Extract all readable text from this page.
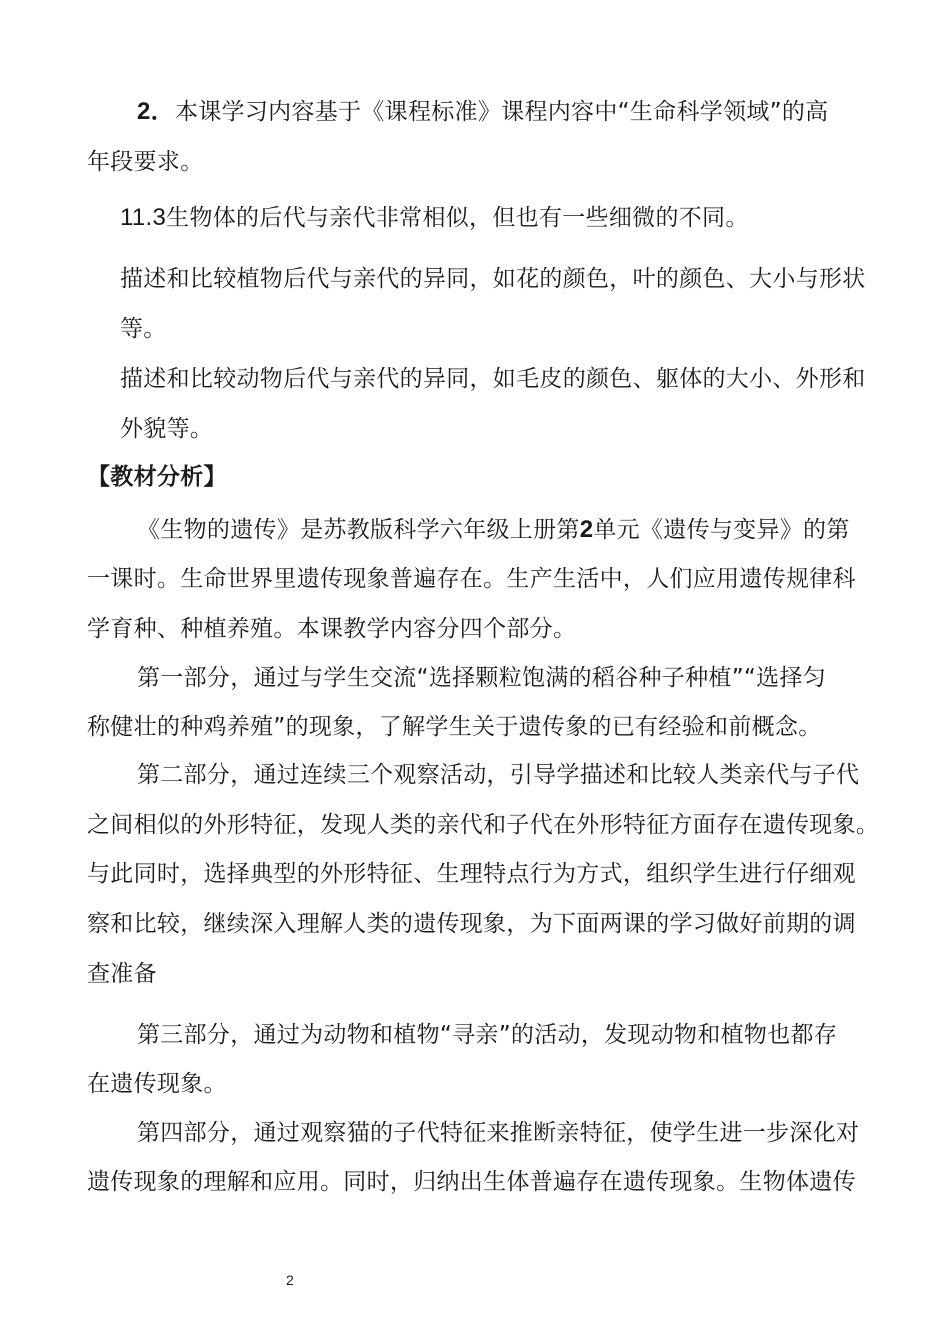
2．本课学习内容基于《课程标准》课程内容中“生命科学领域”的高
年段要求。
11.3生物体的后代与亲代非常相似，但也有一些细微的不同。
描述和比较植物后代与亲代的异同，如花的颜色，叶的颜色、大小与形状
等。
描述和比较动物后代与亲代的异同，如毛皮的颜色、躯体的大小、外形和
外貌等。
【教材分析】
《生物的遗传》是苏教版科学六年级上册第2单元《遗传与变异》的第
一课时。生命世界里遗传现象普遍存在。生产生活中，人们应用遗传规律科
学育种、种植养殖。本课教学内容分四个部分。
第一部分，通过与学生交流“选择颗粒饱满的稻谷种子种植”“选择匀
称健壮的种鸡养殖”的现象，了解学生关于遗传象的已有经验和前概念。
第二部分，通过连续三个观察活动，引导学描述和比较人类亲代与子代
之间相似的外形特征，发现人类的亲代和子代在外形特征方面存在遗传现象。
与此同时，选择典型的外形特征、生理特点行为方式，组织学生进行仔细观
察和比较，继续深入理解人类的遗传现象，为下面两课的学习做好前期的调
查准备
第三部分，通过为动物和植物“寻亲”的活动，发现动物和植物也都存
在遗传现象。
第四部分，通过观察猫的子代特征来推断亲特征，使学生进一步深化对
遗传现象的理解和应用。同时，归纳出生体普遍存在遗传现象。生物体遗传
2
